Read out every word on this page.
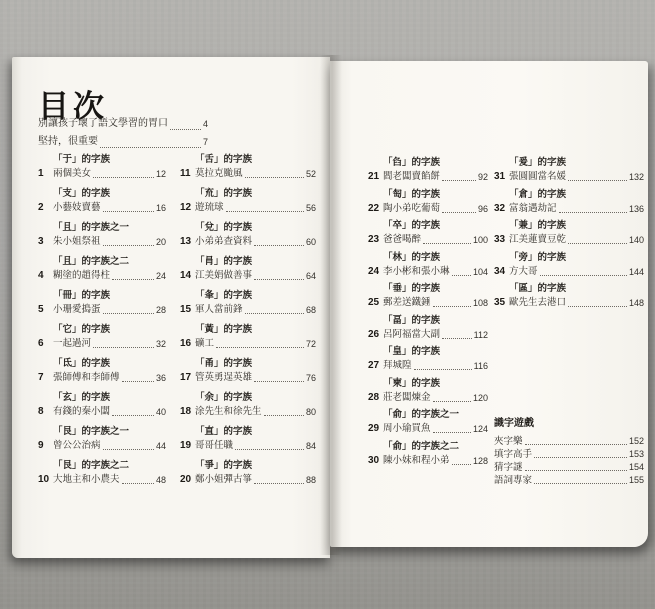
目次
別讓孩子壞了語文學習的胃口	4
堅持，很重要	7
「于」的字族
1 兩個美女	12
「支」的字族
2 小藝妓賣藝	16
「且」的字族之一
3 朱小姐祭祖	20
「且」的字族之二
4 糊塗的趙得柱	24
「冊」的字族
5 小珊愛搗蛋	28
「它」的字族
6 一起過河	32
「氐」的字族
7 張師傅和李師傅	36
「玄」的字族
8 有錢的秦小闆	40
「艮」的字族之一
9 曾公公治病	44
「艮」的字族之二
10 大地主和小農夫	48
「舌」的字族
11 莫拉克颱風	52
「㐬」的字族
12 遊琉球	56
「兌」的字族
13 小弟弟查資料	60
「肙」的字族
14 江美娟做善事	64
「夆」的字族
15 軍人當前鋒	68
「黃」的字族
16 礦工	72
「甬」的字族
17 管英勇逞英雄	76
「余」的字族
18 涂先生和徐先生	80
「直」的字族
19 哥哥任職	84
「爭」的字族
20 鄭小姐彈古箏	88
「臽」的字族
21 閻老闆賣餡餅	92
「匋」的字族
22 陶小弟吃葡萄	96
「卒」的字族
23 爸爸喝醉	100
「林」的字族
24 李小彬和張小琳	104
「垂」的字族
25 郵差送鐵錘	108
「畐」的字族
26 呂阿福當大副	112
「皇」的字族
27 拜城隍	116
「柬」的字族
28 莊老闆煉金	120
「俞」的字族之一
29 周小瑜買魚	124
「俞」的字族之二
30 陳小妹和程小弟	128
「爰」的字族
31 張圓圓當名媛	132
「倉」的字族
32 富翁遇劫記	136
「兼」的字族
33 江美蓮賣豆乾	140
「旁」的字族
34 方大哥	144
「區」的字族
35 歐先生去港口	148
識字遊戲
夾字樂	152
填字高手	153
猜字謎	154
語詞專家	155
